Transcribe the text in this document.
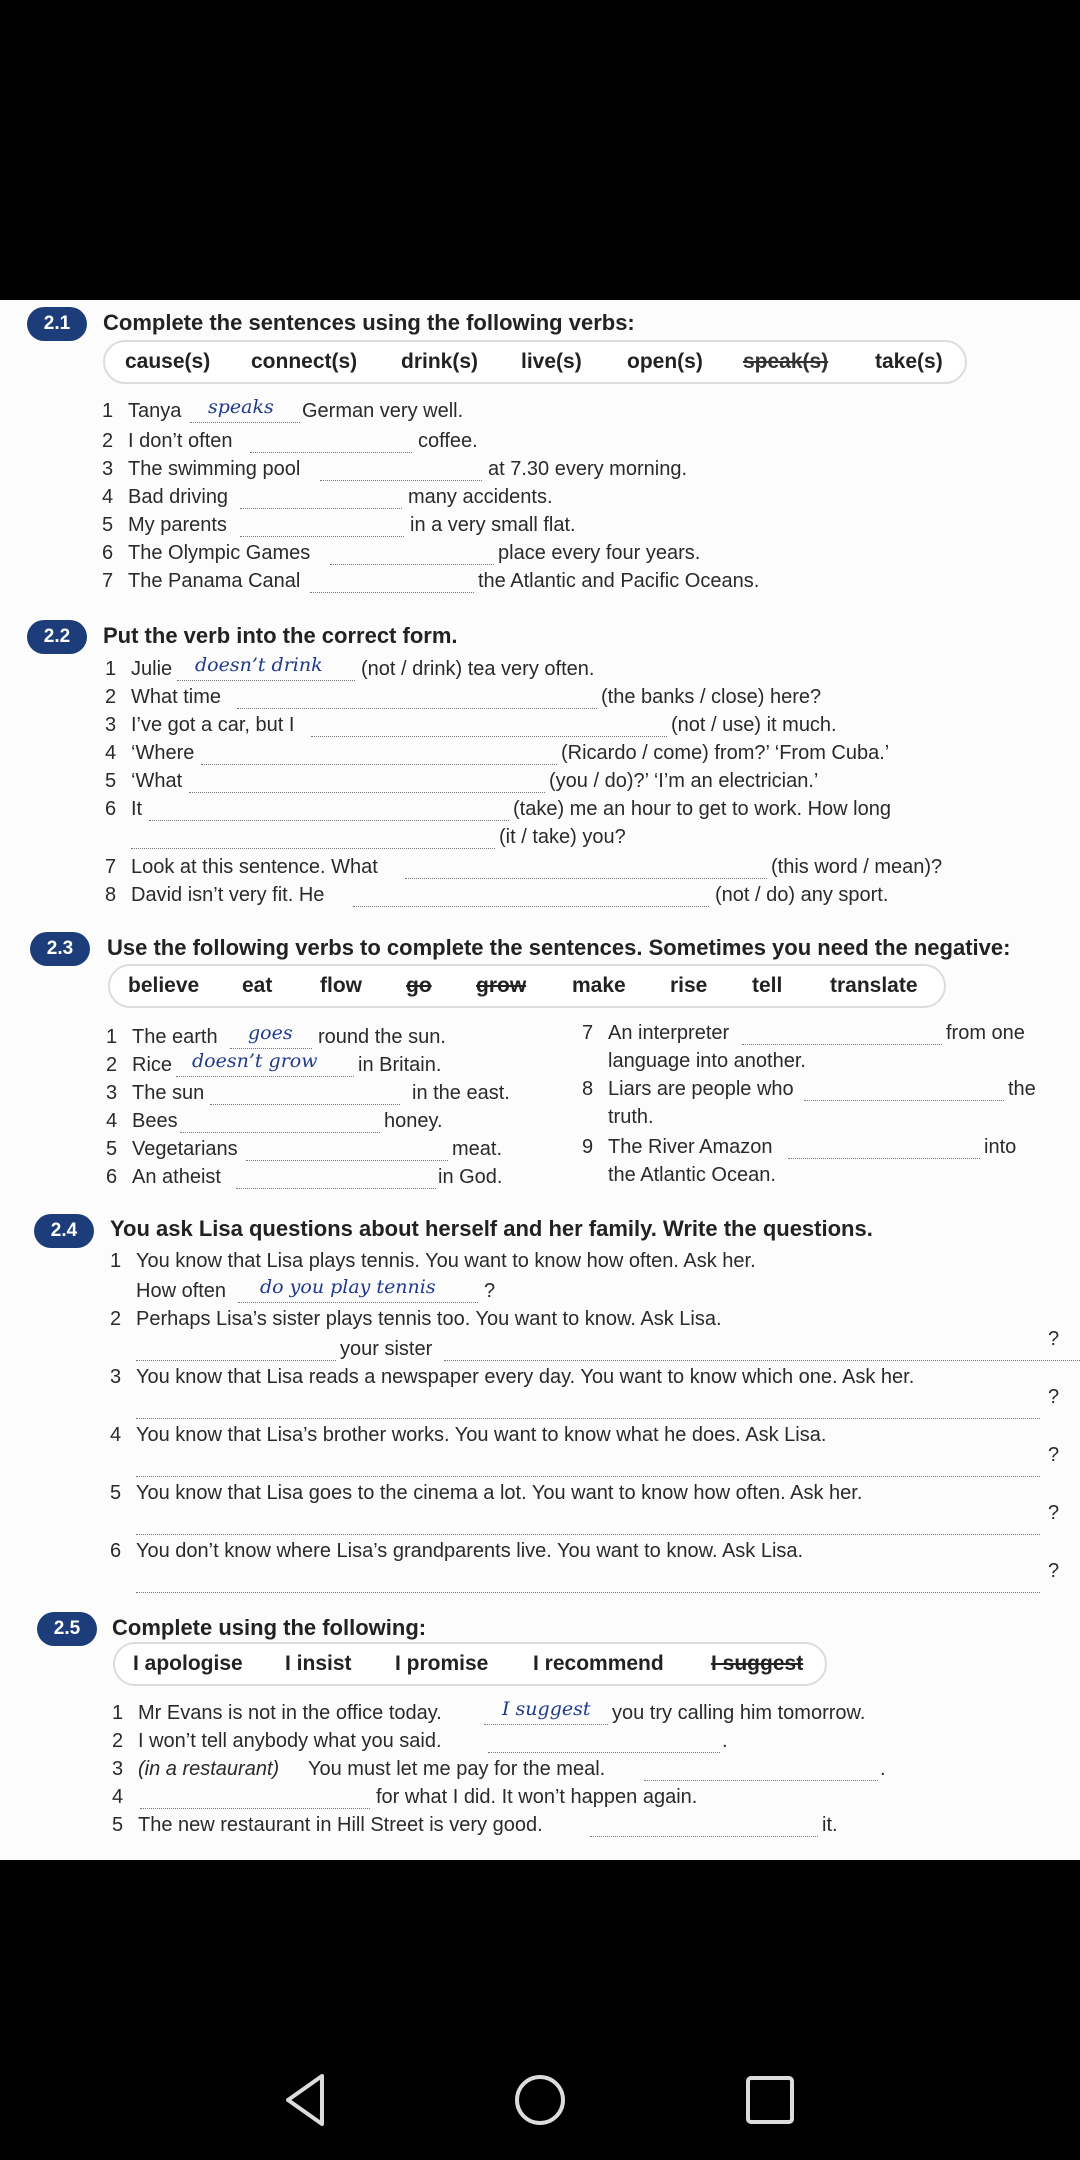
2.1	Complete the sentences using the following verbs:
cause(s) connect(s) drink(s) live(s) open(s) speak(s) take(s)
1 Tanya speaks German very well.
2 I don’t often	coffee.
3 The swimming pool	at 7.30 every morning.
4 Bad driving	many accidents.
5 My parents	in a very small flat.
6 The Olympic Games	place every four years.
7 The Panama Canal	the Atlantic and Pacific Oceans.
2.2	Put the verb into the correct form.
1 Julie doesn’t drink (not / drink) tea very often.
2 What time	(the banks / close) here?
3 I’ve got a car, but I	(not / use) it much.
4 ‘Where	(Ricardo / come) from?’ ‘From Cuba.’
5 ‘What	(you / do)?’ ‘I’m an electrician.’
6 It	(take) me an hour to get to work. How long
(it / take) you?
7 Look at this sentence. What	(this word / mean)?
8 David isn’t very fit. He	(not / do) any sport.
2.3	Use the following verbs to complete the sentences. Sometimes you need the negative:
believe eat flow go grow make rise tell translate
1 The earth goes round the sun.
2 Rice doesn’t grow in Britain.
3 The sun	in the east.
4 Bees	honey.
5 Vegetarians	meat.
6 An atheist	in God.
7 An interpreter	from one
language into another.
8 Liars are people who	the
truth.
9 The River Amazon	into
the Atlantic Ocean.
2.4	You ask Lisa questions about herself and her family. Write the questions.
1 You know that Lisa plays tennis. You want to know how often. Ask her.
How often do you play tennis ?
2 Perhaps Lisa’s sister plays tennis too. You want to know. Ask Lisa.
your sister	?
3 You know that Lisa reads a newspaper every day. You want to know which one. Ask her.
?
4 You know that Lisa’s brother works. You want to know what he does. Ask Lisa.
?
5 You know that Lisa goes to the cinema a lot. You want to know how often. Ask her.
?
6 You don’t know where Lisa’s grandparents live. You want to know. Ask Lisa.
?
2.5	Complete using the following:
I apologise I insist I promise I recommend I suggest
1 Mr Evans is not in the office today.	I suggest you try calling him tomorrow.
2 I won’t tell anybody what you said.	.
3 (in a restaurant) You must let me pay for the meal.	.
4	for what I did. It won’t happen again.
5 The new restaurant in Hill Street is very good.	it.
